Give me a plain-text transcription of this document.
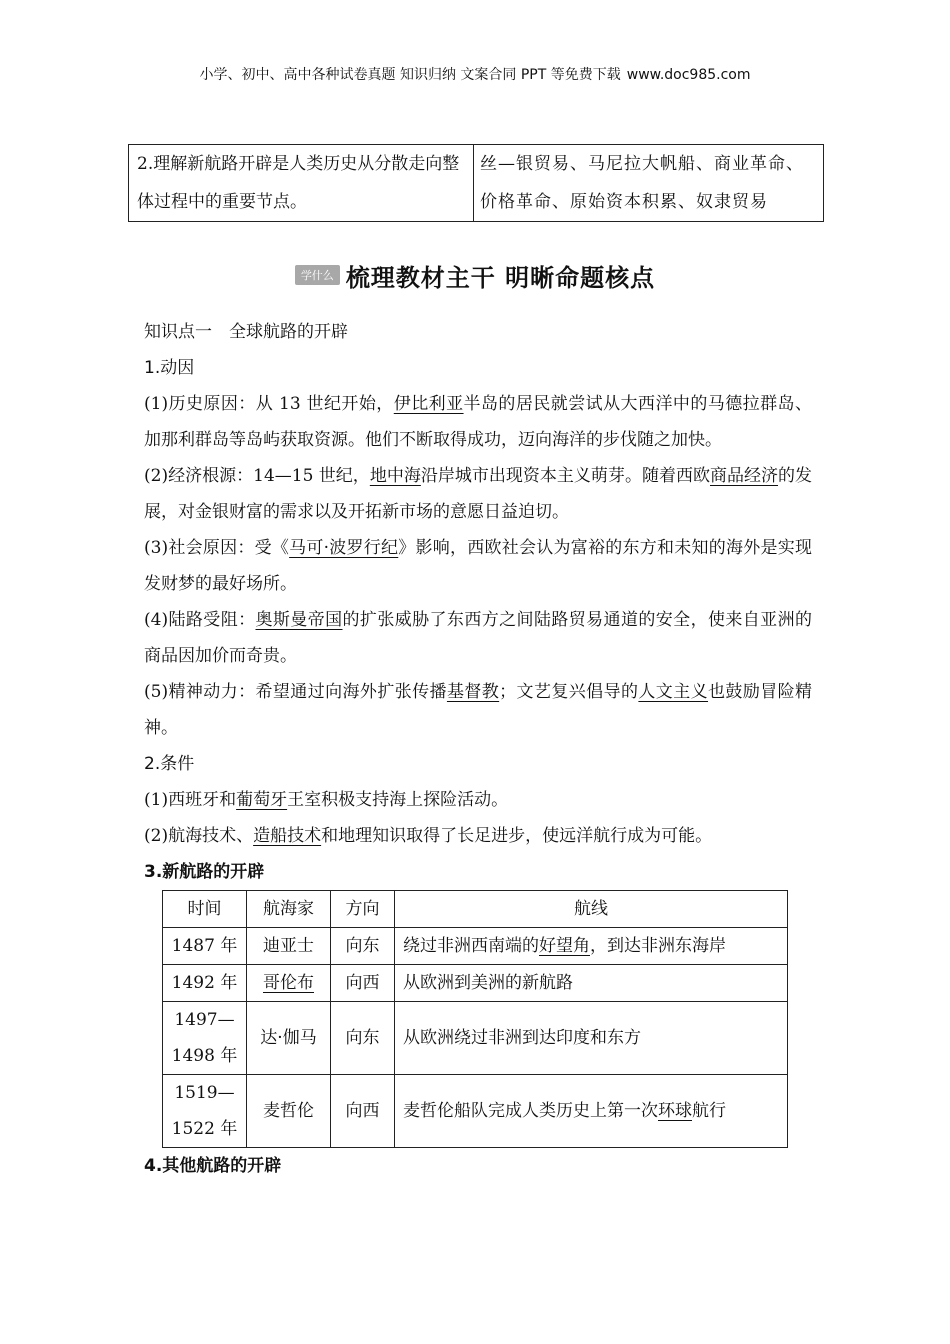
小学、初中、高中各种试卷真题 知识归纳 文案合同 PPT 等免费下载 www.doc985.com
2.理解新航路开辟是人类历史从分散走向整体过程中的重要节点。	丝—银贸易、马尼拉大帆船、商业革命、价格革命、原始资本积累、奴隶贸易
学什么 梳理教材主干 明晰命题核点
知识点一　全球航路的开辟
1.动因

(1)历史原因：从 13 世纪开始，伊比利亚半岛的居民就尝试从大西洋中的马德拉群岛、加那利群岛等岛屿获取资源。他们不断取得成功，迈向海洋的步伐随之加快。

(2)经济根源：14—15 世纪，地中海沿岸城市出现资本主义萌芽。随着西欧商品经济的发展，对金银财富的需求以及开拓新市场的意愿日益迫切。

(3)社会原因：受《马可·波罗行纪》影响，西欧社会认为富裕的东方和未知的海外是实现发财梦的最好场所。

(4)陆路受阻：奥斯曼帝国的扩张威胁了东西方之间陆路贸易通道的安全，使来自亚洲的商品因加价而奇贵。

(5)精神动力：希望通过向海外扩张传播基督教；文艺复兴倡导的人文主义也鼓励冒险精神。

2.条件

(1)西班牙和葡萄牙王室积极支持海上探险活动。

(2)航海技术、造船技术和地理知识取得了长足进步，使远洋航行成为可能。

3.新航路的开辟
时间	航海家	方向	航线
1487 年	迪亚士	向东	绕过非洲西南端的好望角，到达非洲东海岸
1492 年	哥伦布	向西	从欧洲到美洲的新航路

1497—
1498 年	达·伽马	向东	从欧洲绕过非洲到达印度和东方

1519—
1522 年	麦哲伦	向西	麦哲伦船队完成人类历史上第一次环球航行
4.其他航路的开辟
